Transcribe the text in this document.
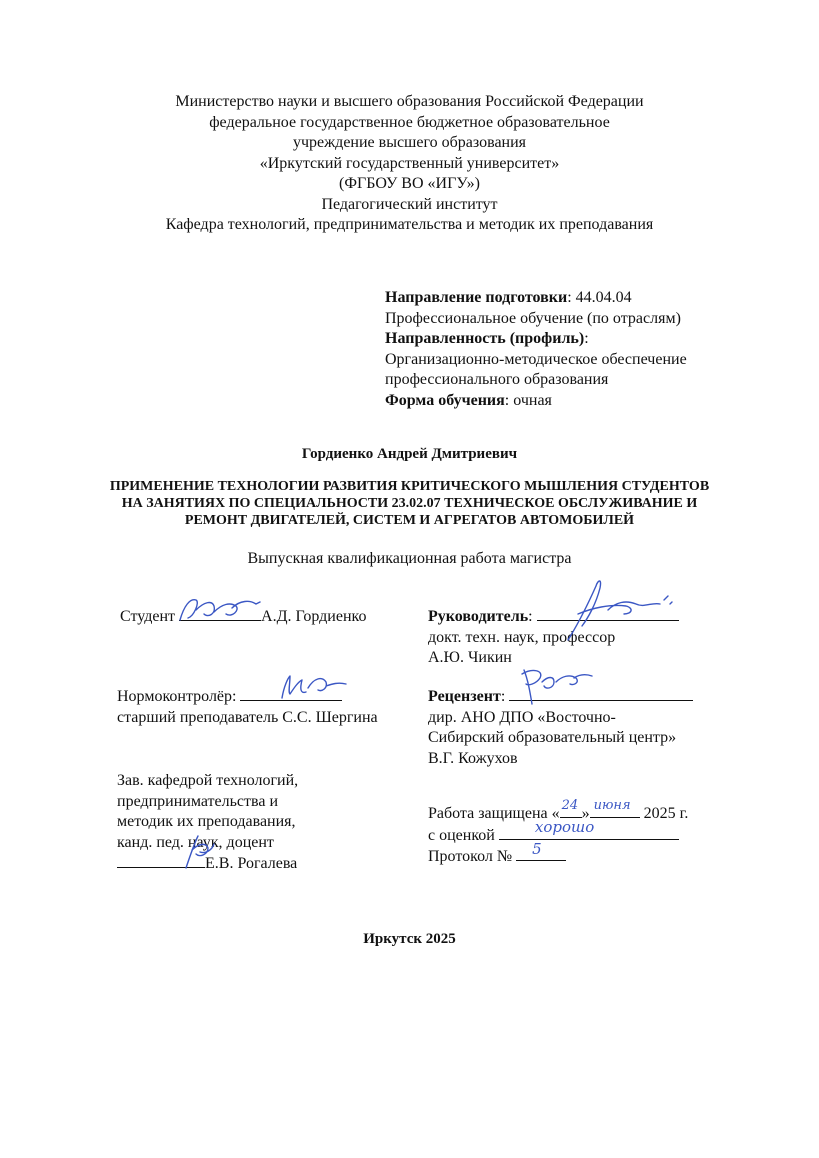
Министерство науки и высшего образования Российской Федерации
федеральное государственное бюджетное образовательное
учреждение высшего образования
«Иркутский государственный университет»
(ФГБОУ ВО «ИГУ»)
Педагогический институт
Кафедра технологий, предпринимательства и методик их преподавания
Направление подготовки: 44.04.04
Профессиональное обучение (по отраслям)
Направленность (профиль):
Организационно-методическое обеспечение
профессионального образования
Форма обучения: очная
Гордиенко Андрей Дмитриевич
ПРИМЕНЕНИЕ ТЕХНОЛОГИИ РАЗВИТИЯ КРИТИЧЕСКОГО МЫШЛЕНИЯ СТУДЕНТОВ
НА ЗАНЯТИЯХ ПО СПЕЦИАЛЬНОСТИ 23.02.07 ТЕХНИЧЕСКОЕ ОБСЛУЖИВАНИЕ И
РЕМОНТ ДВИГАТЕЛЕЙ, СИСТЕМ И АГРЕГАТОВ АВТОМОБИЛЕЙ
Выпускная квалификационная работа магистра
Студент	А.Д. Гордиенко	Руководитель:
докт. техн. наук, профессор
А.Ю. Чикин
Нормоконтролёр:
старший преподаватель С.С. Шергина
Рецензент:
дир. АНО ДПО «Восточно-
Сибирский образовательный центр»
В.Г. Кожухов
Зав. кафедрой технологий,
предпринимательства и
методик их преподавания,
канд. пед. наук, доцент
Е.В. Рогалева
Работа защищена « 24 » июня 2025 г.
с оценкой хорошо
Протокол № 5
Иркутск 2025
